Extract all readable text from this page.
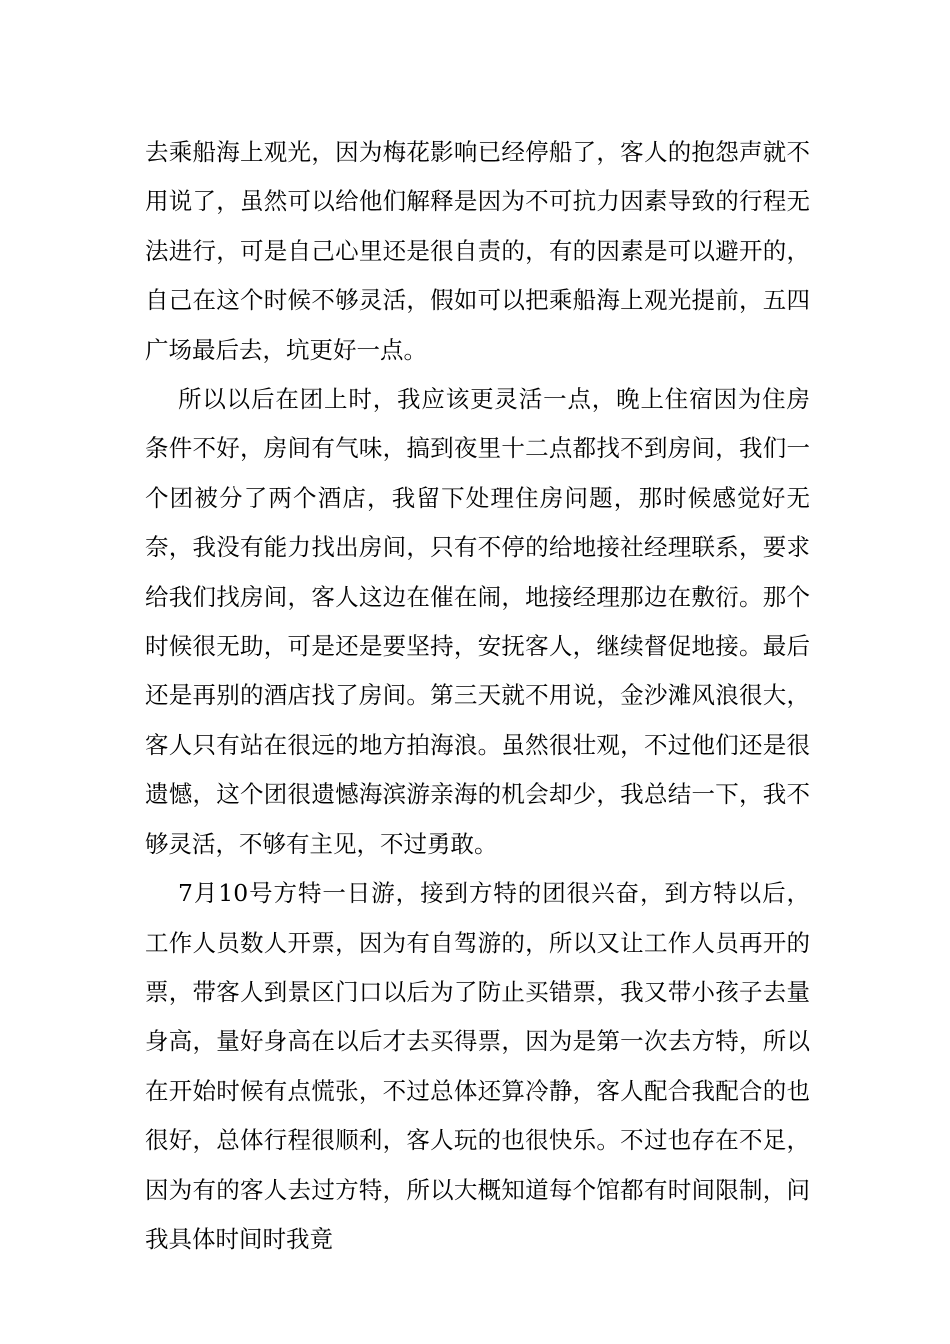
去乘船海上观光，因为梅花影响已经停船了，客人的抱怨声就不用说了，虽然可以给他们解释是因为不可抗力因素导致的行程无法进行，可是自己心里还是很自责的，有的因素是可以避开的，自己在这个时候不够灵活，假如可以把乘船海上观光提前，五四广场最后去，坑更好一点。

所以以后在团上时，我应该更灵活一点，晚上住宿因为住房条件不好，房间有气味，搞到夜里十二点都找不到房间，我们一个团被分了两个酒店，我留下处理住房问题，那时候感觉好无奈，我没有能力找出房间，只有不停的给地接社经理联系，要求给我们找房间，客人这边在催在闹，地接经理那边在敷衍。那个时候很无助，可是还是要坚持，安抚客人，继续督促地接。最后还是再别的酒店找了房间。第三天就不用说，金沙滩风浪很大，客人只有站在很远的地方拍海浪。虽然很壮观，不过他们还是很遗憾，这个团很遗憾海滨游亲海的机会却少，我总结一下，我不够灵活，不够有主见，不过勇敢。

7月10号方特一日游，接到方特的团很兴奋，到方特以后，工作人员数人开票，因为有自驾游的，所以又让工作人员再开的票，带客人到景区门口以后为了防止买错票，我又带小孩子去量身高，量好身高在以后才去买得票，因为是第一次去方特，所以在开始时候有点慌张，不过总体还算冷静，客人配合我配合的也很好，总体行程很顺利，客人玩的也很快乐。不过也存在不足，因为有的客人去过方特，所以大概知道每个馆都有时间限制，问我具体时间时我竟
